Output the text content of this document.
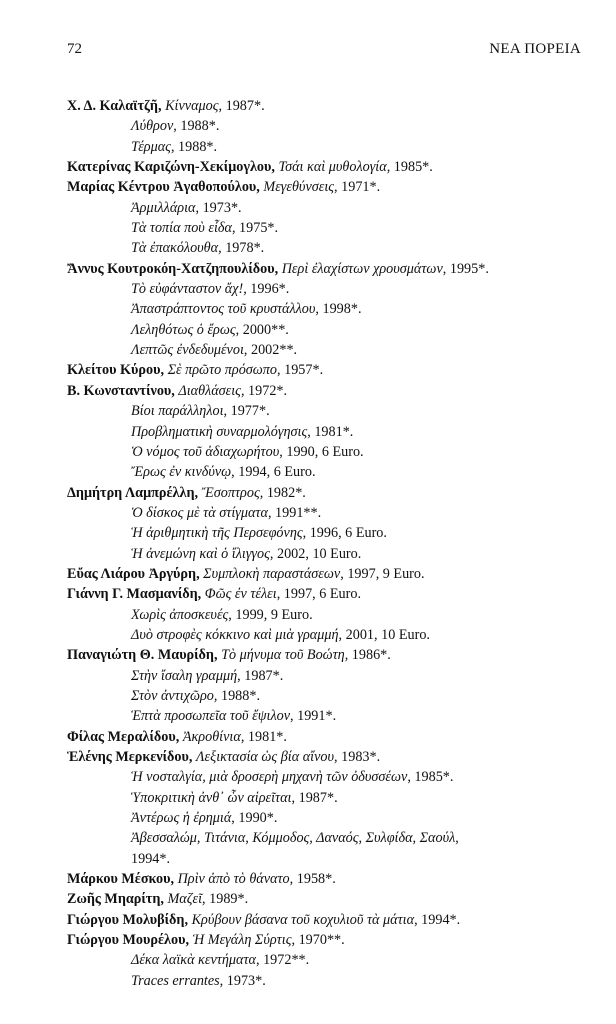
72	ΝΕΑ ΠΟΡΕΙΑ
Χ. Δ. Καλαϊτζῆ, Κίνναμος, 1987*.
Λύθρον, 1988*.
Τέρμας, 1988*.
Κατερίνας Καριζώνη-Χεκίμογλου, Τσάι καὶ μυθολογία, 1985*.
Μαρίας Κέντρου Ἀγαθοπούλου, Μεγεθύνσεις, 1971*.
Ἀρμιλλάρια, 1973*.
Τὰ τοπία ποὺ εἶδα, 1975*.
Τὰ ἐπακόλουθα, 1978*.
Ἄννυς Κουτροκόη-Χατζηπουλίδου, Περὶ ἐλαχίστων χρουσμάτων, 1995*.
Τὸ εὐφάνταστον ἄχ!, 1996*.
Ἀπαστράπτοντος τοῦ κρυστάλλου, 1998*.
Λεληθότως ὁ ἔρως, 2000**.
Λεπτῶς ἐνδεδυμένοι, 2002**.
Κλείτου Κύρου, Σὲ πρῶτο πρόσωπο, 1957*.
Β. Κωνσταντίνου, Διαθλάσεις, 1972*.
Βίοι παράλληλοι, 1977*.
Προβληματικὴ συναρμολόγησις, 1981*.
Ὁ νόμος τοῦ ἀδιαχωρήτου, 1990, 6 Euro.
Ἔρως ἐν κινδύνῳ, 1994, 6 Euro.
Δημήτρη Λαμπρέλλη, Ἔσοπτρος, 1982*.
Ὁ δίσκος μὲ τὰ στίγματα, 1991**.
Ἡ ἀριθμητικὴ τῆς Περσεφόνης, 1996, 6 Euro.
Ἡ ἀνεμώνη καὶ ὁ ἴλιγγος, 2002, 10 Euro.
Εὔας Λιάρου Ἀργύρη, Συμπλοκὴ παραστάσεων, 1997, 9 Euro.
Γιάννη Γ. Μασμανίδη, Φῶς ἐν τέλει, 1997, 6 Euro.
Χωρὶς ἀποσκευές, 1999, 9 Euro.
Δυὸ στροφὲς κόκκινο καὶ μιὰ γραμμή, 2001, 10 Euro.
Παναγιώτη Θ. Μαυρίδη, Τὸ μήνυμα τοῦ Βοώτη, 1986*.
Στὴν ἴσαλη γραμμή, 1987*.
Στὸν ἀντιχῶρο, 1988*.
Ἑπτὰ προσωπεῖα τοῦ ἔψιλον, 1991*.
Φίλας Μεραλίδου, Ἀκροθίνια, 1981*.
Ἑλένης Μερκενίδου, Λεξικτασία ὡς βία αἴνου, 1983*.
Ἡ νοσταλγία, μιὰ δροσερὴ μηχανὴ τῶν ὀδυσσέων, 1985*.
Ὑποκριτικὴ ἀνθ᾿ ὧν αἱρεῖται, 1987*.
Ἀντέρως ἡ ἐρημιά, 1990*.
Ἀβεσσαλώμ, Τιτάνια, Κόμμοδος, Δαναός, Συλφίδα, Σαούλ,
1994*.
Μάρκου Μέσκου, Πρὶν ἀπὸ τὸ θάνατο, 1958*.
Ζωῆς Μηαρίτη, Μαζεῖ, 1989*.
Γιώργου Μολυβίδη, Κρύβουν βάσανα τοῦ κοχυλιοῦ τὰ μάτια, 1994*.
Γιώργου Μουρέλου, Ἡ Μεγάλη Σύρτις, 1970**.
Δέκα λαϊκὰ κεντήματα, 1972**.
Traces errantes, 1973*.
